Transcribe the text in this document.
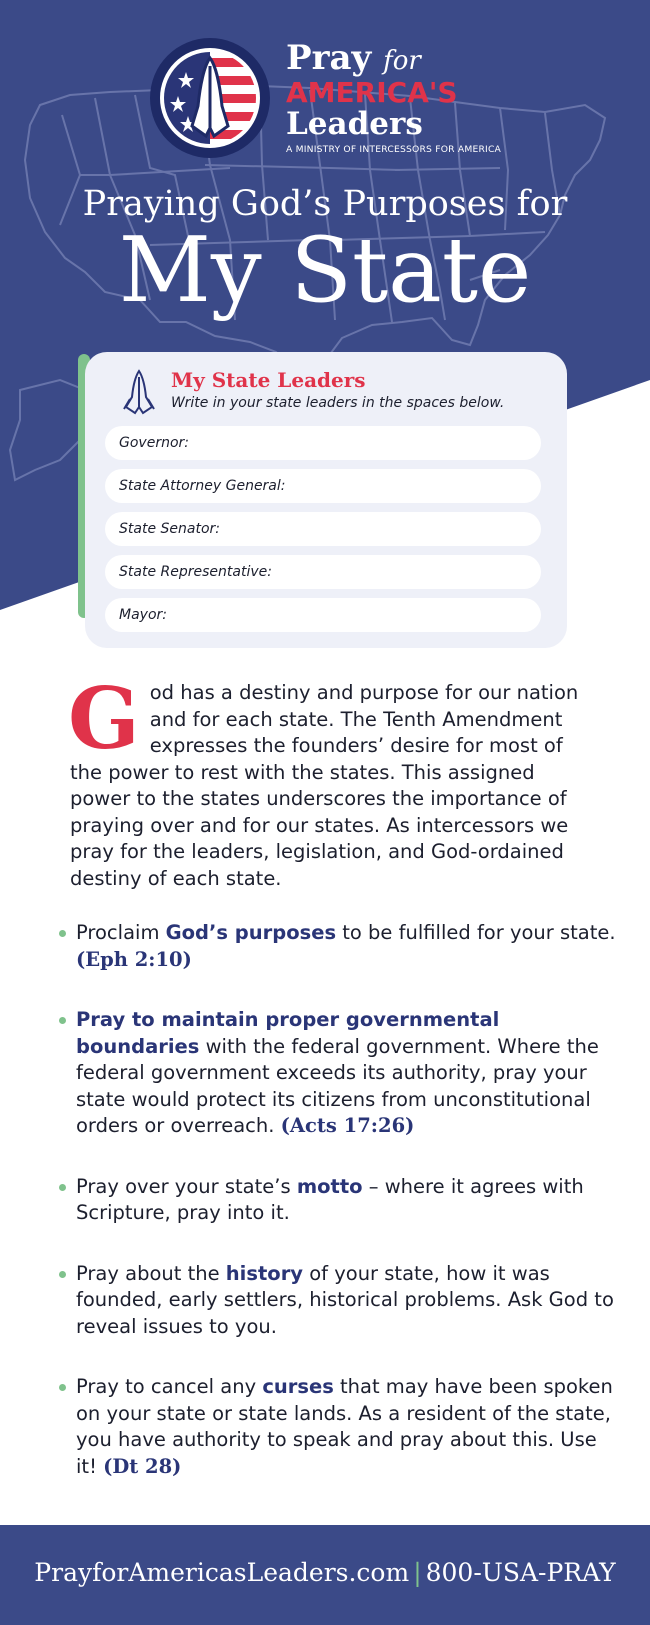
Pray for
AMERICA'S
Leaders
A MINISTRY OF INTERCESSORS FOR AMERICA
Praying God’s Purposes for
My State
My State Leaders
Write in your state leaders in the spaces below.
Governor:
State Attorney General:
State Senator:
State Representative:
Mayor:
God has a destiny and purpose for our nation and for each state. The Tenth Amendment expresses the founders’ desire for most of the power to rest with the states. This assigned power to the states underscores the importance of praying over and for our states. As intercessors we pray for the leaders, legislation, and God-ordained destiny of each state.
Proclaim God’s purposes to be fulfilled for your state. (Eph 2:10)
Pray to maintain proper governmental boundaries with the federal government. Where the federal government exceeds its authority, pray your state would protect its citizens from unconstitutional orders or overreach. (Acts 17:26)
Pray over your state’s motto – where it agrees with Scripture, pray into it.
Pray about the history of your state, how it was founded, early settlers, historical problems. Ask God to reveal issues to you.
Pray to cancel any curses that may have been spoken on your state or state lands. As a resident of the state, you have authority to speak and pray about this. Use it! (Dt 28)
PrayforAmericasLeaders.com | 800-USA-PRAY
